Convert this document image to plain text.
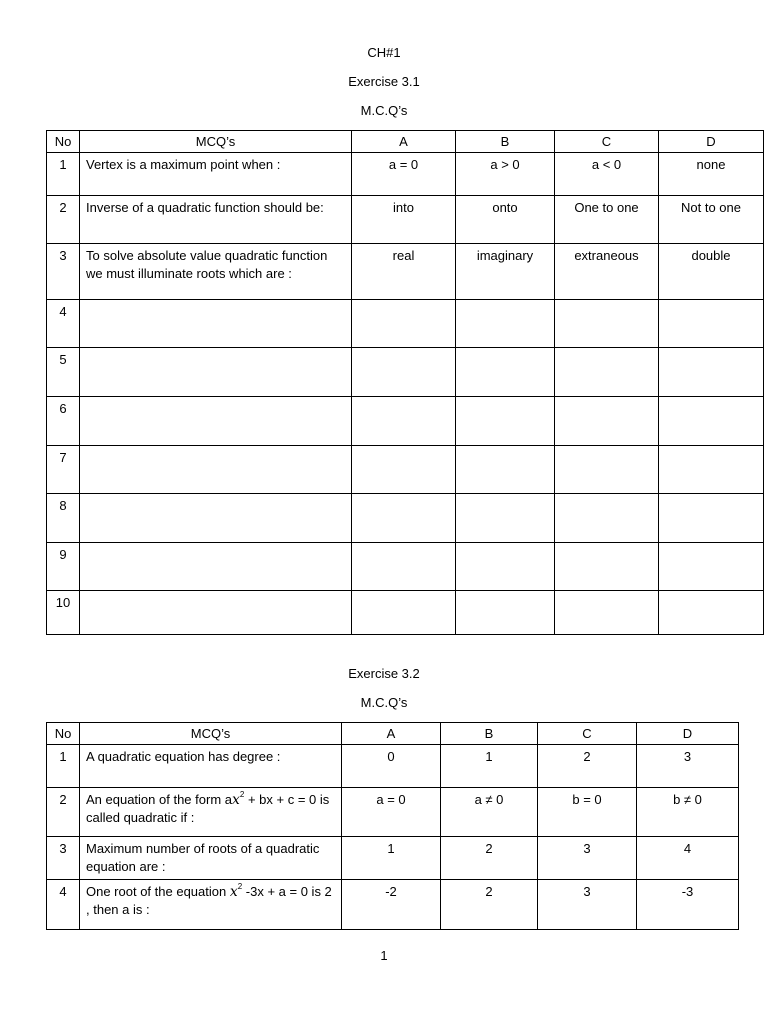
CH#1
Exercise 3.1
M.C.Q’s
No	MCQ’s	A	B	C	D
1	Vertex is a maximum point when :	a = 0	a > 0	a < 0	none
2	Inverse of a quadratic function should be:	into	onto	One to one	Not to one
3	To solve absolute value quadratic function we must illuminate roots which are :	real	imaginary	extraneous	double
4					
5					
6					
7					
8					
9					
10					
Exercise 3.2
M.C.Q’s
No	MCQ’s	A	B	C	D
1	A quadratic equation has degree :	0	1	2	3
2	An equation of the form $ax^2$ + bx + c = 0 is called quadratic if :	a = 0	a ≠ 0	b = 0	b ≠ 0
3	Maximum number of roots of a quadratic equation are :	1	2	3	4
4	One root of the equation $x^2$ -3x + a = 0 is 2 , then a is :	-2	2	3	-3
1
